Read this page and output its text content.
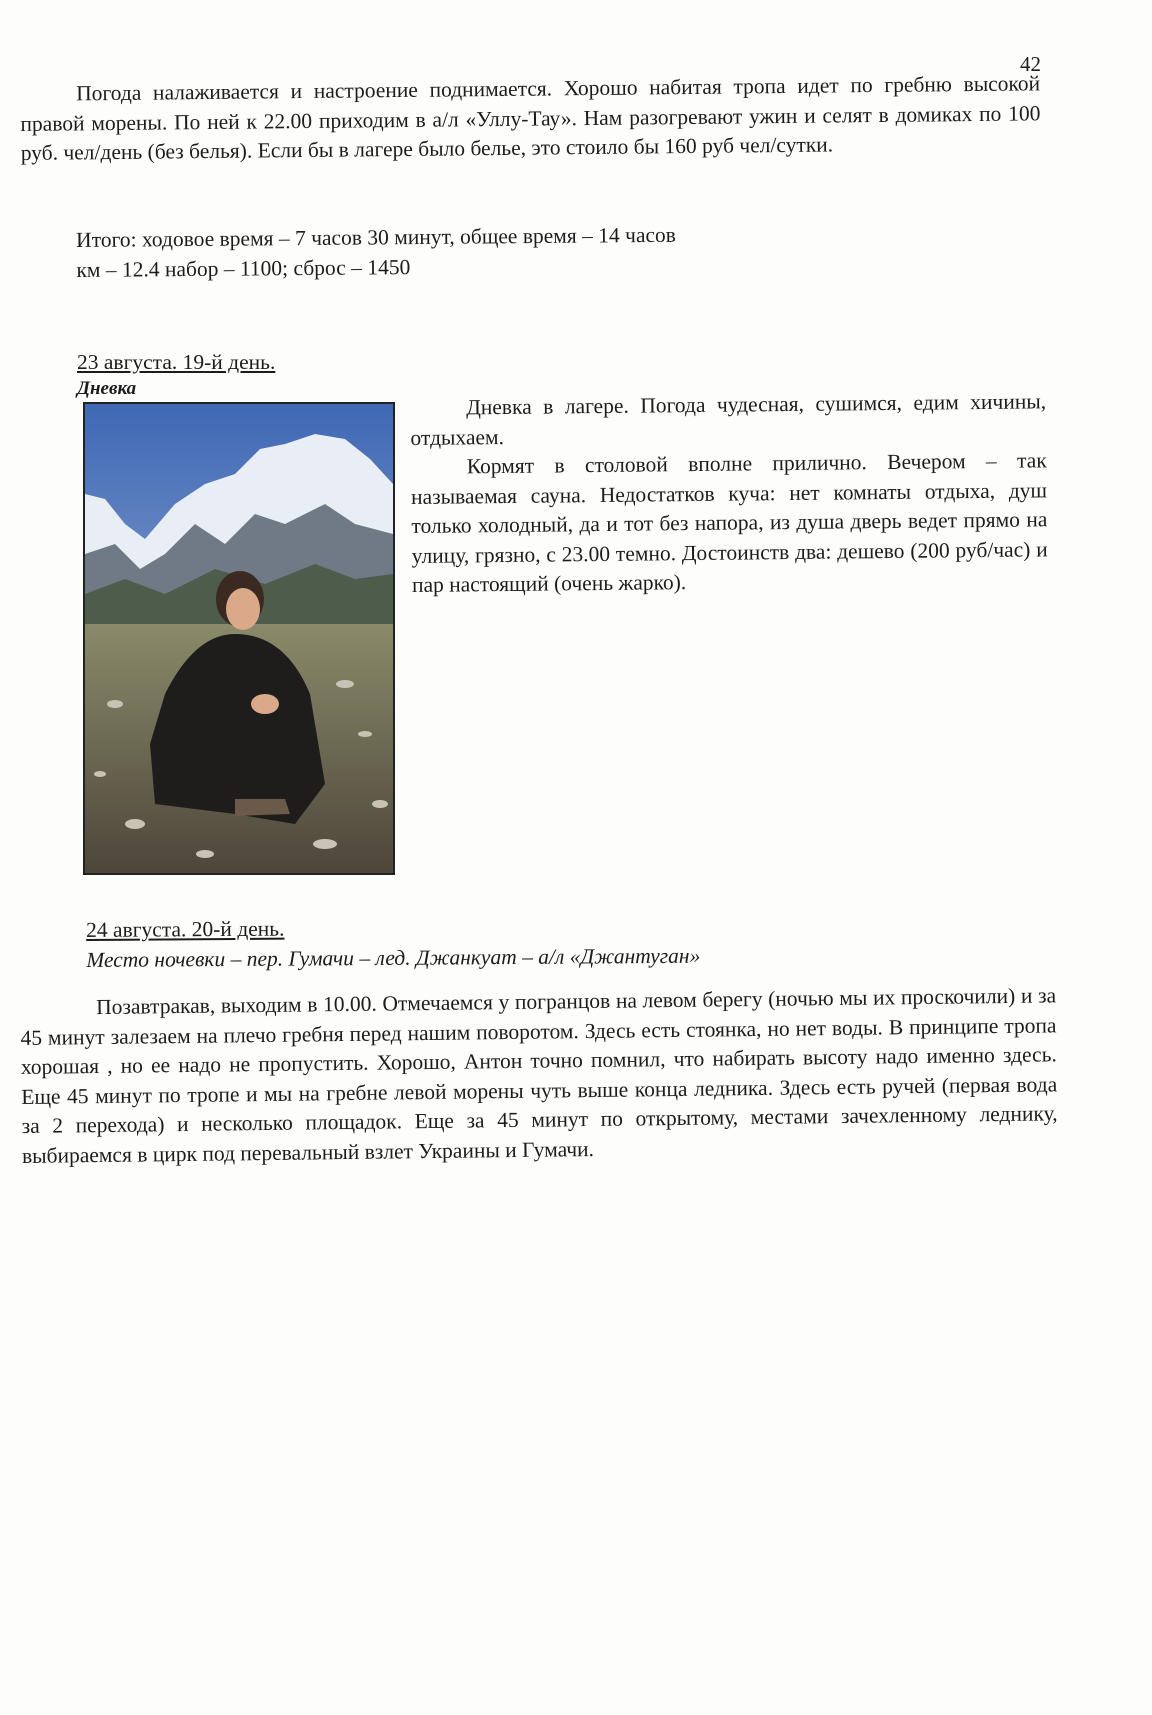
42
Погода налаживается и настроение поднимается. Хорошо набитая тропа идет по гребню высокой правой морены. По ней к 22.00 приходим в а/л «Уллу-Тау». Нам разогревают ужин и селят в домиках по 100 руб. чел/день (без белья). Если бы в лагере было белье, это стоило бы 160 руб чел/сутки.
Итого: ходовое время – 7 часов 30 минут, общее время – 14 часов
км – 12.4 набор – 1100; сброс – 1450
23 августа. 19-й день.
Дневка

Дневка в лагере. Погода чудесная, сушимся, едим хичины, отдыхаем.

Кормят в столовой вполне прилично. Вечером – так называемая сауна. Недостатков куча: нет комнаты отдыха, душ только холодный, да и тот без напора, из душа дверь ведет прямо на улицу, грязно, с 23.00 темно. Достоинств два: дешево (200 руб/час) и пар настоящий (очень жарко).

24 августа. 20-й день.
Место ночевки – пер. Гумачи – лед. Джанкуат – а/л «Джантуган»

Позавтракав, выходим в 10.00. Отмечаемся у погранцов на левом берегу (ночью мы их проскочили) и за 45 минут залезаем на плечо гребня перед нашим поворотом. Здесь есть стоянка, но нет воды. В принципе тропа хорошая , но ее надо не пропустить. Хорошо, Антон точно помнил, что набирать высоту надо именно здесь. Еще 45 минут по тропе и мы на гребне левой морены чуть выше конца ледника. Здесь есть ручей (первая вода за 2 перехода) и несколько площадок. Еще за 45 минут по открытому, местами зачехленному леднику, выбираемся в цирк под перевальный взлет Украины и Гумачи.
